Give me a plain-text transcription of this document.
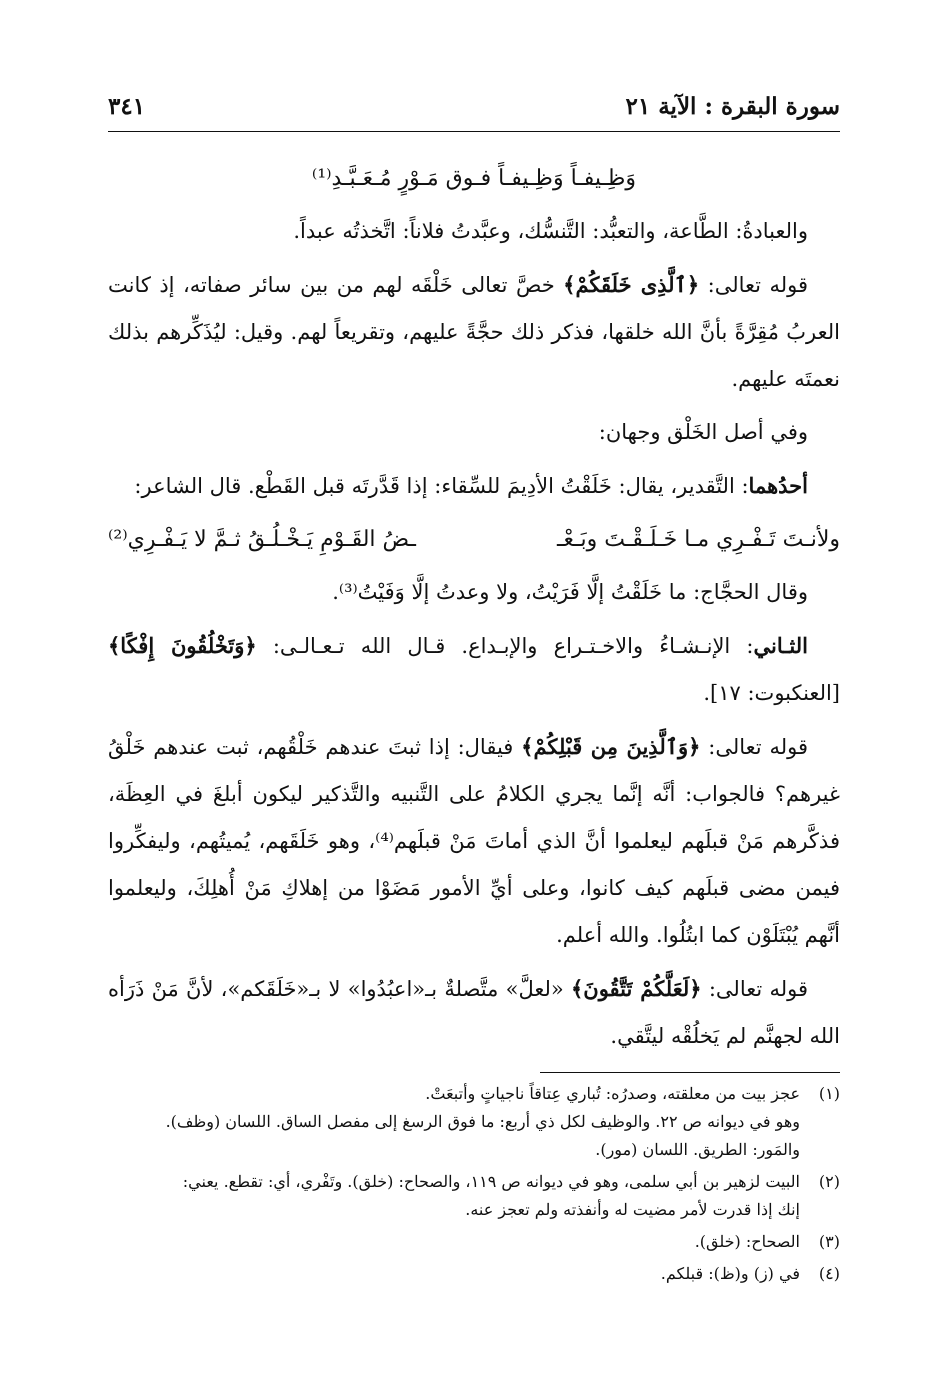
سورة البقرة : الآية ٢١
٣٤١

وَظِـيفـاً وَظِـيفـاً فـوق مَـوْرٍ مُـعَـبَّـدِ⁽¹⁾

والعبادةُ: الطَّاعة، والتعبُّد: التَّنسُّك، وعبَّدتُ فلاناً: اتَّخذتُه عبداً.

قوله تعالى: ﴿ٱلَّذِى خَلَقَكُمْ﴾ خصَّ تعالى خَلْقَه لهم من بين سائر صفاته، إذ كانت العربُ مُقِرَّةً بأنَّ الله خلقها، فذكر ذلك حجَّةً عليهم، وتقريعاً لهم. وقيل: ليُذَكِّرهم بذلك نعمتَه عليهم.

وفي أصل الخَلْق وجهان:

أحدُهما: التَّقدير، يقال: خَلَقْتُ الأدِيمَ للسِّقاء: إذا قَدَّرتَه قبل القَطْع. قال الشاعر:

ولأنـتَ تَـفْـرِي مـا خَـلَـقْـتَ وبَـعْـ
ـضُ القَـوْمِ يَـخْـلُـقُ ثـمَّ لا يَـفْـرِي⁽²⁾

وقال الحجَّاج: ما خَلَقْتُ إلَّا فَرَيْتُ، ولا وعدتُ إلَّا وَفَيْتُ⁽³⁾.

الثـاني: الإنـشـاءُ والاخـتـراع والإبـداع. قـال الله تـعـالـى: ﴿وَتَخْلُقُونَ إِفْكًا﴾ [العنكبوت: ١٧].

قوله تعالى: ﴿وَٱلَّذِينَ مِن قَبْلِكُمْ﴾ فيقال: إذا ثبتَ عندهم خَلْقُهم، ثبت عندهم خَلْقُ غيرهم؟ فالجواب: أنَّه إنَّما يجري الكلامُ على التَّنبيه والتَّذكير ليكون أبلغَ في العِظَة، فذكَّرهم مَنْ قبلَهم ليعلموا أنَّ الذي أماتَ مَنْ قبلَهم⁽⁴⁾، وهو خَلَقَهم، يُميتُهم، وليفكِّروا فيمن مضى قبلَهم كيف كانوا، وعلى أيِّ الأمور مَضَوْا من إهلاكِ مَنْ أُهلِكَ، وليعلموا أنَّهم يُبْتَلَوْن كما ابتُلُوا. والله أعلم.

قوله تعالى: ﴿لَعَلَّكُمْ تَتَّقُونَ﴾ «لعلَّ» متَّصلةٌ بـ«اعبُدُوا» لا بـ«خَلَقَكم»، لأنَّ مَنْ ذَرَأه الله لجهنَّم لم يَخلُقْه ليتَّقي.

(١)
عجز بيت من معلقته، وصدرُه: تُباري عِتاقاً ناجياتٍ وأتبعَتْ.
وهو في ديوانه ص ٢٢. والوظيف لكل ذي أربع: ما فوق الرسغ إلى مفصل الساق. اللسان (وظف).
والمَور: الطريق. اللسان (مور).
(٢)
البيت لزهير بن أبي سلمى، وهو في ديوانه ص ١١٩، والصحاح: (خلق). وتَفْري، أي: تقطع. يعني:
إنك إذا قدرت لأمر مضيت له وأنفذته ولم تعجز عنه.
(٣)
الصحاح: (خلق).
(٤)
في (ز) و(ظ): قبلكم.
